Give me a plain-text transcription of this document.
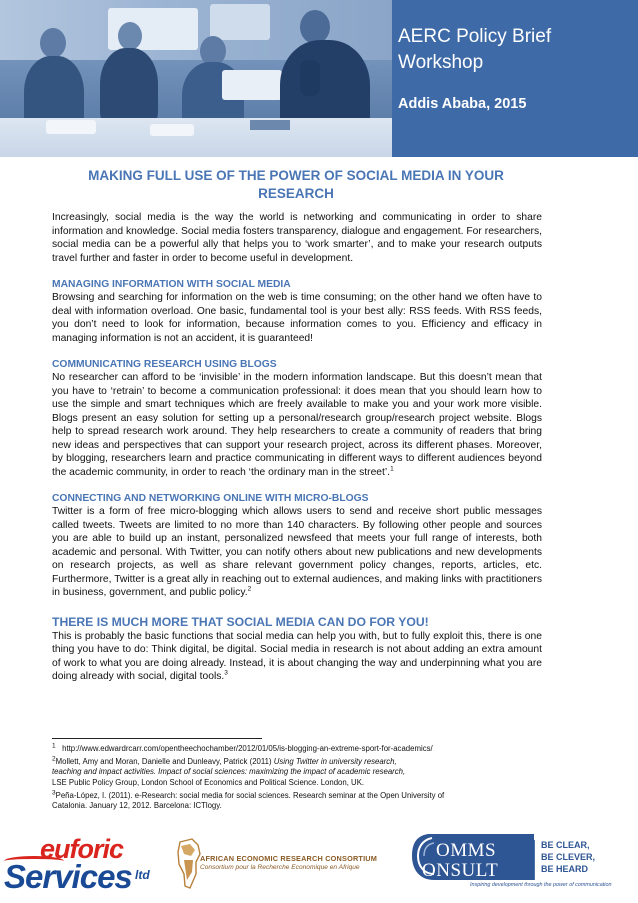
AERC Policy Brief
Workshop
Addis Ababa, 2015
MAKING FULL USE OF THE POWER OF SOCIAL MEDIA IN YOUR
RESEARCH

Increasingly, social media is the way the world is networking and communicating in order to share information and knowledge. Social media fosters transparency, dialogue and engagement. For researchers, social media can be a powerful ally that helps you to ‘work smarter’, and to make your research outputs travel further and faster in order to become useful in development.

MANAGING INFORMATION WITH SOCIAL MEDIA

Browsing and searching for information on the web is time consuming; on the other hand we often have to deal with information overload. One basic, fundamental tool is your best ally: RSS feeds. With RSS feeds, you don’t need to look for information, because information comes to you. Efficiency and efficacy in managing information is not an accident, it is guaranteed!

COMMUNICATING RESEARCH USING BLOGS

No researcher can afford to be ‘invisible’ in the modern information landscape. But this doesn’t mean that you have to ‘retrain’ to become a communication professional: it does mean that you should learn how to use the simple and smart techniques which are freely available to make you and your work more visible. Blogs present an easy solution for setting up a personal/research group/research project website. Blogs help to spread research work around. They help researchers to create a community of readers that bring new ideas and perspectives that can support your research project, across its different phases. Moreover, by blogging, researchers learn and practice communicating in different ways to different audiences beyond the academic community, in order to reach ‘the ordinary man in the street’.$^1$

CONNECTING AND NETWORKING ONLINE WITH MICRO-BLOGS

Twitter is a form of free micro-blogging which allows users to send and receive short public messages called tweets. Tweets are limited to no more than 140 characters. By following other people and sources you are able to build up an instant, personalized newsfeed that meets your full range of interests, both academic and personal. With Twitter, you can notify others about new publications and new developments on research projects, as well as share relevant government policy changes, reports, articles, etc. Furthermore, Twitter is a great ally in reaching out to external audiences, and making links with practitioners in business, government, and public policy.$^2$

THERE IS MUCH MORE THAT SOCIAL MEDIA CAN DO FOR YOU!

This is probably the basic functions that social media can help you with, but to fully exploit this, there is one thing you have to do: Think digital, be digital. Social media in research is not about adding an extra amount of work to what you are doing already. Instead, it is about changing the way and underpinning what you are doing already with social, digital tools.$^3$

$^1$ http://www.edwardrcarr.com/opentheechochamber/2012/01/05/is-blogging-an-extreme-sport-for-academics/
$^2$Mollett, Amy and Moran, Danielle and Dunleavy, Patrick (2011) Using Twitter in university research,
teaching and impact activities. Impact of social sciences: maximizing the impact of academic research,
LSE Public Policy Group, London School of Economics and Political Science. London, UK.
$^3$Peña-López, I. (2011). e-Research: social media for social sciences. Research seminar at the Open University of
Catalonia. January 12, 2012. Barcelona: ICTlogy.
euforic
Services ltd
AFRICAN ECONOMIC RESEARCH CONSORTIUM
Consortium pour la Recherche Economique en Afrique
OMMS
ONSULT
BE CLEAR,
BE CLEVER,
BE HEARD
Inspiring development through the power of communication
